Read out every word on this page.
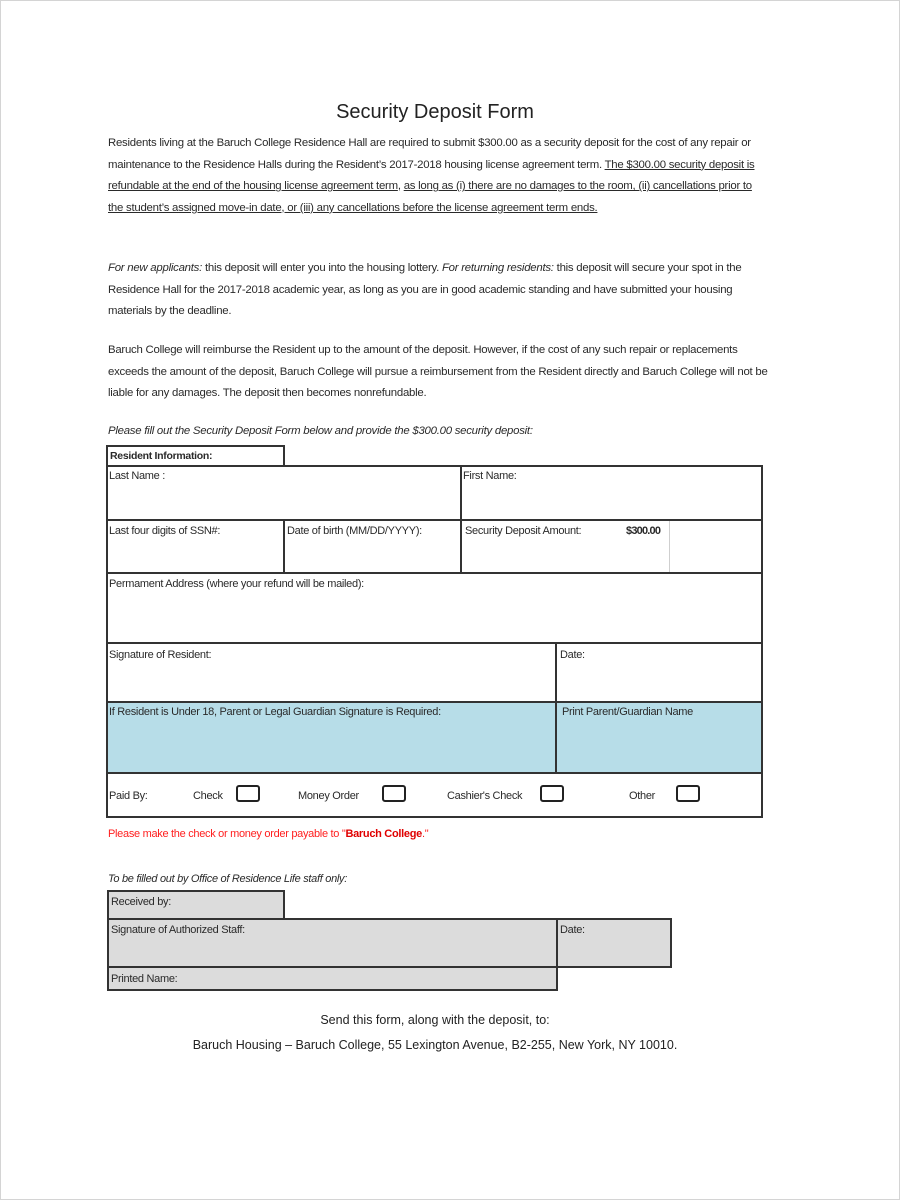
Security Deposit Form
Residents living at the Baruch College Residence Hall are required to submit $300.00 as a security deposit for the cost of any repair or maintenance to the Residence Halls during the Resident’s 2017-2018 housing license agreement term. The $300.00 security deposit is refundable at the end of the housing license agreement term, as long as (i) there are no damages to the room, (ii) cancellations prior to the student’s assigned move-in date, or (iii) any cancellations before the license agreement term ends.
For new applicants: this deposit will enter you into the housing lottery. For returning residents: this deposit will secure your spot in the Residence Hall for the 2017-2018 academic year, as long as you are in good academic standing and have submitted your housing materials by the deadline.
Baruch College will reimburse the Resident up to the amount of the deposit. However, if the cost of any such repair or replacements exceeds the amount of the deposit, Baruch College will pursue a reimbursement from the Resident directly and Baruch College will not be liable for any damages. The deposit then becomes nonrefundable.
Please fill out the Security Deposit Form below and provide the $300.00 security deposit:
Resident Information:
Last Name :	First Name:
Last four digits of SSN#:	Date of birth (MM/DD/YYYY):	Security Deposit Amount:	$300.00
Permament Address (where your refund will be mailed):
Signature of Resident:	Date:
If Resident is Under 18, Parent or Legal Guardian Signature is Required:	Print Parent/Guardian Name
Paid By:	Check	Money Order	Cashier's Check	Other
Please make the check or money order payable to "Baruch College."
To be filled out by Office of Residence Life staff only:
Received by:
Signature of Authorized Staff:	Date:
Printed Name:
Send this form, along with the deposit, to:
Baruch Housing – Baruch College, 55 Lexington Avenue, B2-255, New York, NY 10010.
